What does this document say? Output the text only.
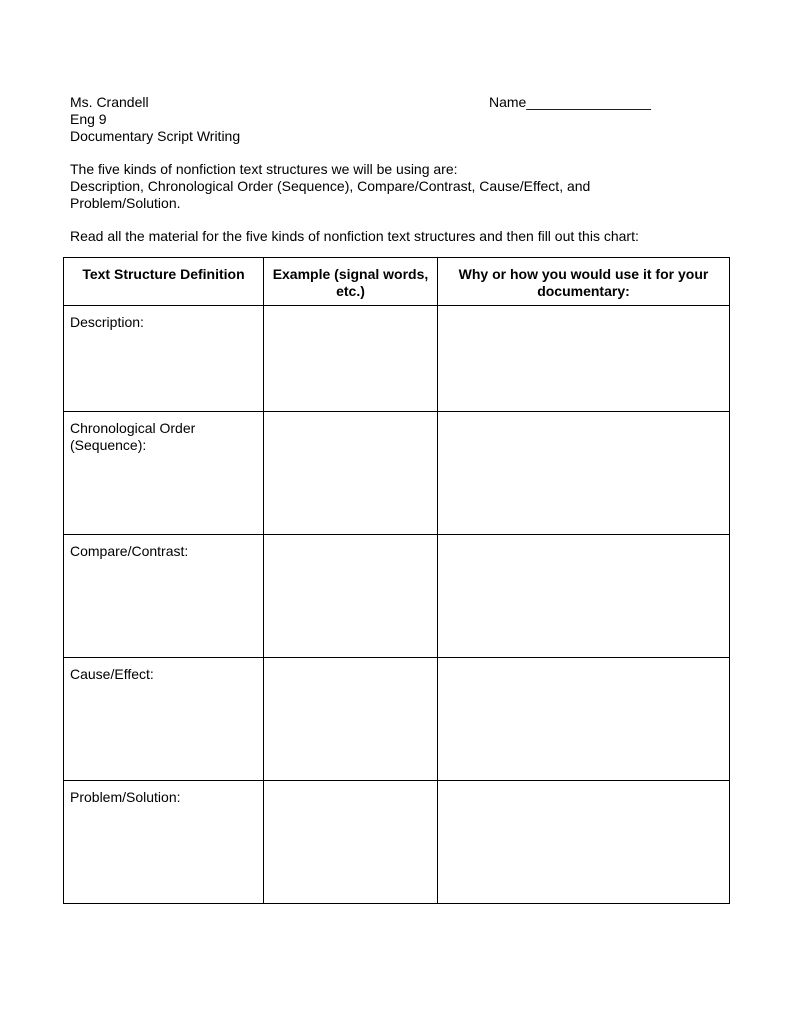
Ms. Crandell
Eng 9
Documentary Script Writing
Name________________
The five kinds of nonfiction text structures we will be using are:
Description, Chronological Order (Sequence), Compare/Contrast, Cause/Effect, and
Problem/Solution.
Read all the material for the five kinds of nonfiction text structures and then fill out this chart:
Text Structure Definition	Example (signal words, etc.)	Why or how you would use it for your documentary:
Description:		
Chronological Order (Sequence):		
Compare/Contrast:		
Cause/Effect:		
Problem/Solution:		
